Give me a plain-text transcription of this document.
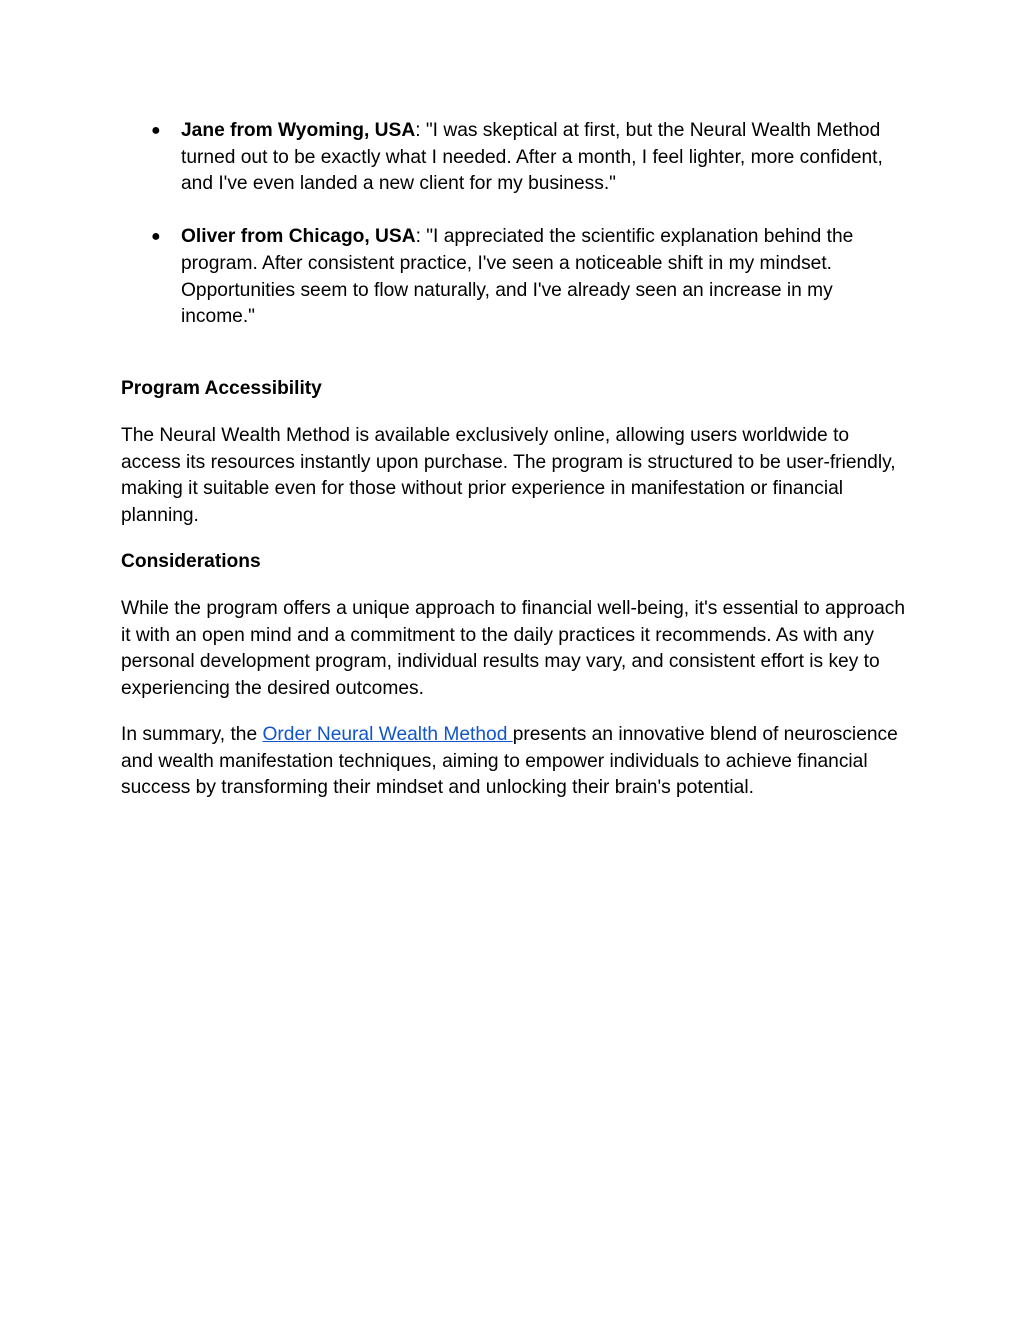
● Jane from Wyoming, USA: "I was skeptical at first, but the Neural Wealth Method turned out to be exactly what I needed. After a month, I feel lighter, more confident, and I've even landed a new client for my business."
● Oliver from Chicago, USA: "I appreciated the scientific explanation behind the program. After consistent practice, I've seen a noticeable shift in my mindset. Opportunities seem to flow naturally, and I've already seen an increase in my income."

Program Accessibility

The Neural Wealth Method is available exclusively online, allowing users worldwide to access its resources instantly upon purchase. The program is structured to be user-friendly, making it suitable even for those without prior experience in manifestation or financial planning.

Considerations

While the program offers a unique approach to financial well-being, it's essential to approach it with an open mind and a commitment to the daily practices it recommends. As with any personal development program, individual results may vary, and consistent effort is key to experiencing the desired outcomes.

In summary, the Order Neural Wealth Method presents an innovative blend of neuroscience and wealth manifestation techniques, aiming to empower individuals to achieve financial success by transforming their mindset and unlocking their brain's potential.
